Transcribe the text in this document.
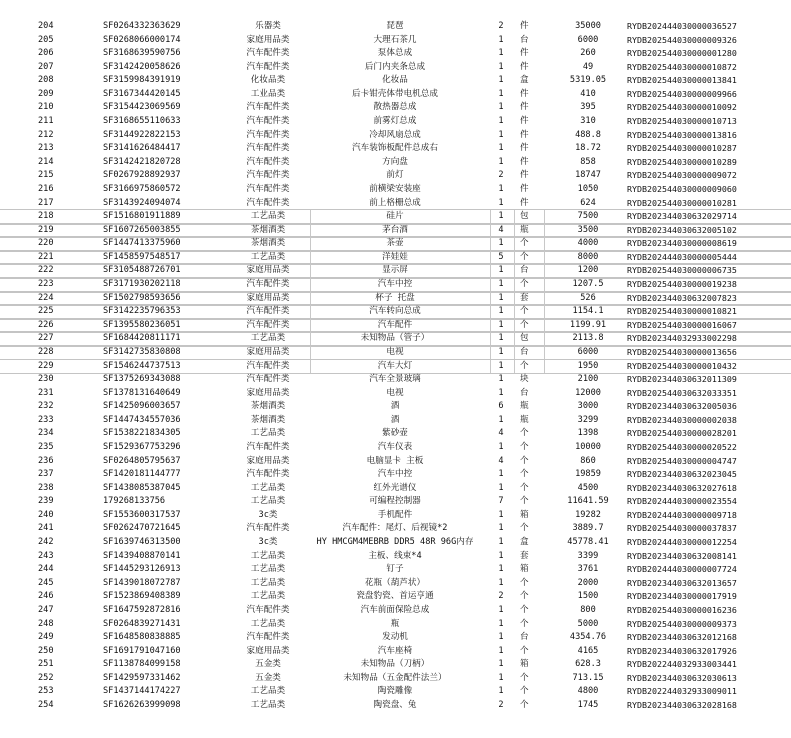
204	SF0264332363629	乐器类	琵琶	2	件	35000	RYDB202444030000036527
205	SF0268066000174	家庭用品类	大理石茶几	1	台	6000	RYDB202544030000009326
206	SF3168639590756	汽车配件类	泵体总成	1	件	260	RYDB202544030000001280
207	SF3142420058626	汽车配件类	后门内夹条总成	1	件	49	RYDB202544030000010872
208	SF3159984391919	化妆品类	化妆品	1	盒	5319.05	RYDB202544030000013841
209	SF3167344420145	工业品类	后卡钳壳体带电机总成	1	件	410	RYDB202544030000009966
210	SF3154423069569	汽车配件类	散热器总成	1	件	395	RYDB202544030000010092
211	SF3168655110633	汽车配件类	前雾灯总成	1	件	310	RYDB202544030000010713
212	SF3144922822153	汽车配件类	冷却风扇总成	1	件	488.8	RYDB202544030000013816
213	SF3141626484417	汽车配件类	汽车装饰板配件总成右	1	件	18.72	RYDB202544030000010287
214	SF3142421820728	汽车配件类	方向盘	1	件	858	RYDB202544030000010289
215	SF0267928892937	汽车配件类	前灯	2	件	18747	RYDB202544030000009072
216	SF3166975860572	汽车配件类	前横梁安装座	1	件	1050	RYDB202544030000009060
217	SF3143924094074	汽车配件类	前上格栅总成	1	件	624	RYDB202544030000010281
218	SF1516801911889	工艺品类	硅片	1	包	7500	RYDB202344030632029714
219	SF1607265003855	茶烟酒类	茅台酒	4	瓶	3500	RYDB202344030632005102
220	SF1447413375960	茶烟酒类	茶壶	1	个	4000	RYDB202344030000008619
221	SF1458597548517	工艺品类	洋娃娃	5	个	8000	RYDB202444030000005444
222	SF3105488726701	家庭用品类	显示屏	1	台	1200	RYDB202544030000006735
223	SF3171930202118	汽车配件类	汽车中控	1	个	1207.5	RYDB202544030000019238
224	SF1502798593656	家庭用品类	杯子 托盘	1	套	526	RYDB202344030632007823
225	SF3142235796353	汽车配件类	汽车转向总成	1	个	1154.1	RYDB202544030000010821
226	SF1395580236051	汽车配件类	汽车配件	1	个	1199.91	RYDB202544030000016067
227	SF1684420811171	工艺品类	未知物品（管子）	1	包	2113.8	RYDB202344032933002298
228	SF3142735830808	家庭用品类	电视	1	台	6000	RYDB202544030000013656
229	SF1546244737513	汽车配件类	汽车大灯	1	个	1950	RYDB202544030000010432
230	SF1375269343088	汽车配件类	汽车全景玻璃	1	块	2100	RYDB202344030632011309
231	SF1378131640649	家庭用品类	电视	1	台	12000	RYDB202544030632033351
232	SF1425096003657	茶烟酒类	酒	6	瓶	3000	RYDB202344030632005036
233	SF1447434557036	茶烟酒类	酒	1	瓶	3299	RYDB202344030000002038
234	SF1538221834305	工艺品类	紫砂壶	4	个	1398	RYDB202544030000028201
235	SF1529367753296	汽车配件类	汽车仪表	1	个	10000	RYDB202544030000020522
236	SF0264805795637	家庭用品类	电脑显卡 主板	4	个	860	RYDB202544030000004747
237	SF1420181144777	汽车配件类	汽车中控	1	个	19859	RYDB202344030632023045
238	SF1438085387045	工艺品类	红外光谱仪	1	个	4500	RYDB202344030632027618
239	179268133756	工艺品类	可编程控制器	7	个	11641.59	RYDB202444030000023554
240	SF1553600317537	3c类	手机配件	1	箱	19282	RYDB202444030000009718
241	SF0262470721645	汽车配件类	汽车配件：尾灯、后视镜*2	1	个	3889.7	RYDB202544030000037837
242	SF1639746313500	3c类	HY HMCGM4MEBRB DDR5 48R 96G内存	1	盒	45778.41	RYDB202444030000012254
243	SF1439408870141	工艺品类	主板、线束*4	1	套	3399	RYDB202344030632008141
244	SF1445293126913	工艺品类	钉子	1	箱	3761	RYDB202444030000007724
245	SF1439018072787	工艺品类	花瓶（葫芦状）	1	个	2000	RYDB202344030632013657
246	SF1523869408389	工艺品类	瓷盘豹瓷、首运亨通	2	个	1500	RYDB202344030000017919
247	SF1647592872816	汽车配件类	汽车前面保险总成	1	个	800	RYDB202544030000016236
248	SF0264839271431	工艺品类	瓶	1	个	5000	RYDB202544030000009373
249	SF1648580838885	汽车配件类	发动机	1	台	4354.76	RYDB202344030632012168
250	SF1691791047160	家庭用品类	汽车座椅	1	个	4165	RYDB202344030632017926
251	SF1138784099158	五金类	未知物品（刀柄）	1	箱	628.3	RYDB202244032933003441
252	SF1429597331462	五金类	未知物品（五金配件法兰）	1	个	713.15	RYDB202344030632030613
253	SF1437144174227	工艺品类	陶瓷雕像	1	个	4800	RYDB202244032933009011
254	SF1626263999098	工艺品类	陶瓷盘、兔	2	个	1745	RYDB202344030632028168
